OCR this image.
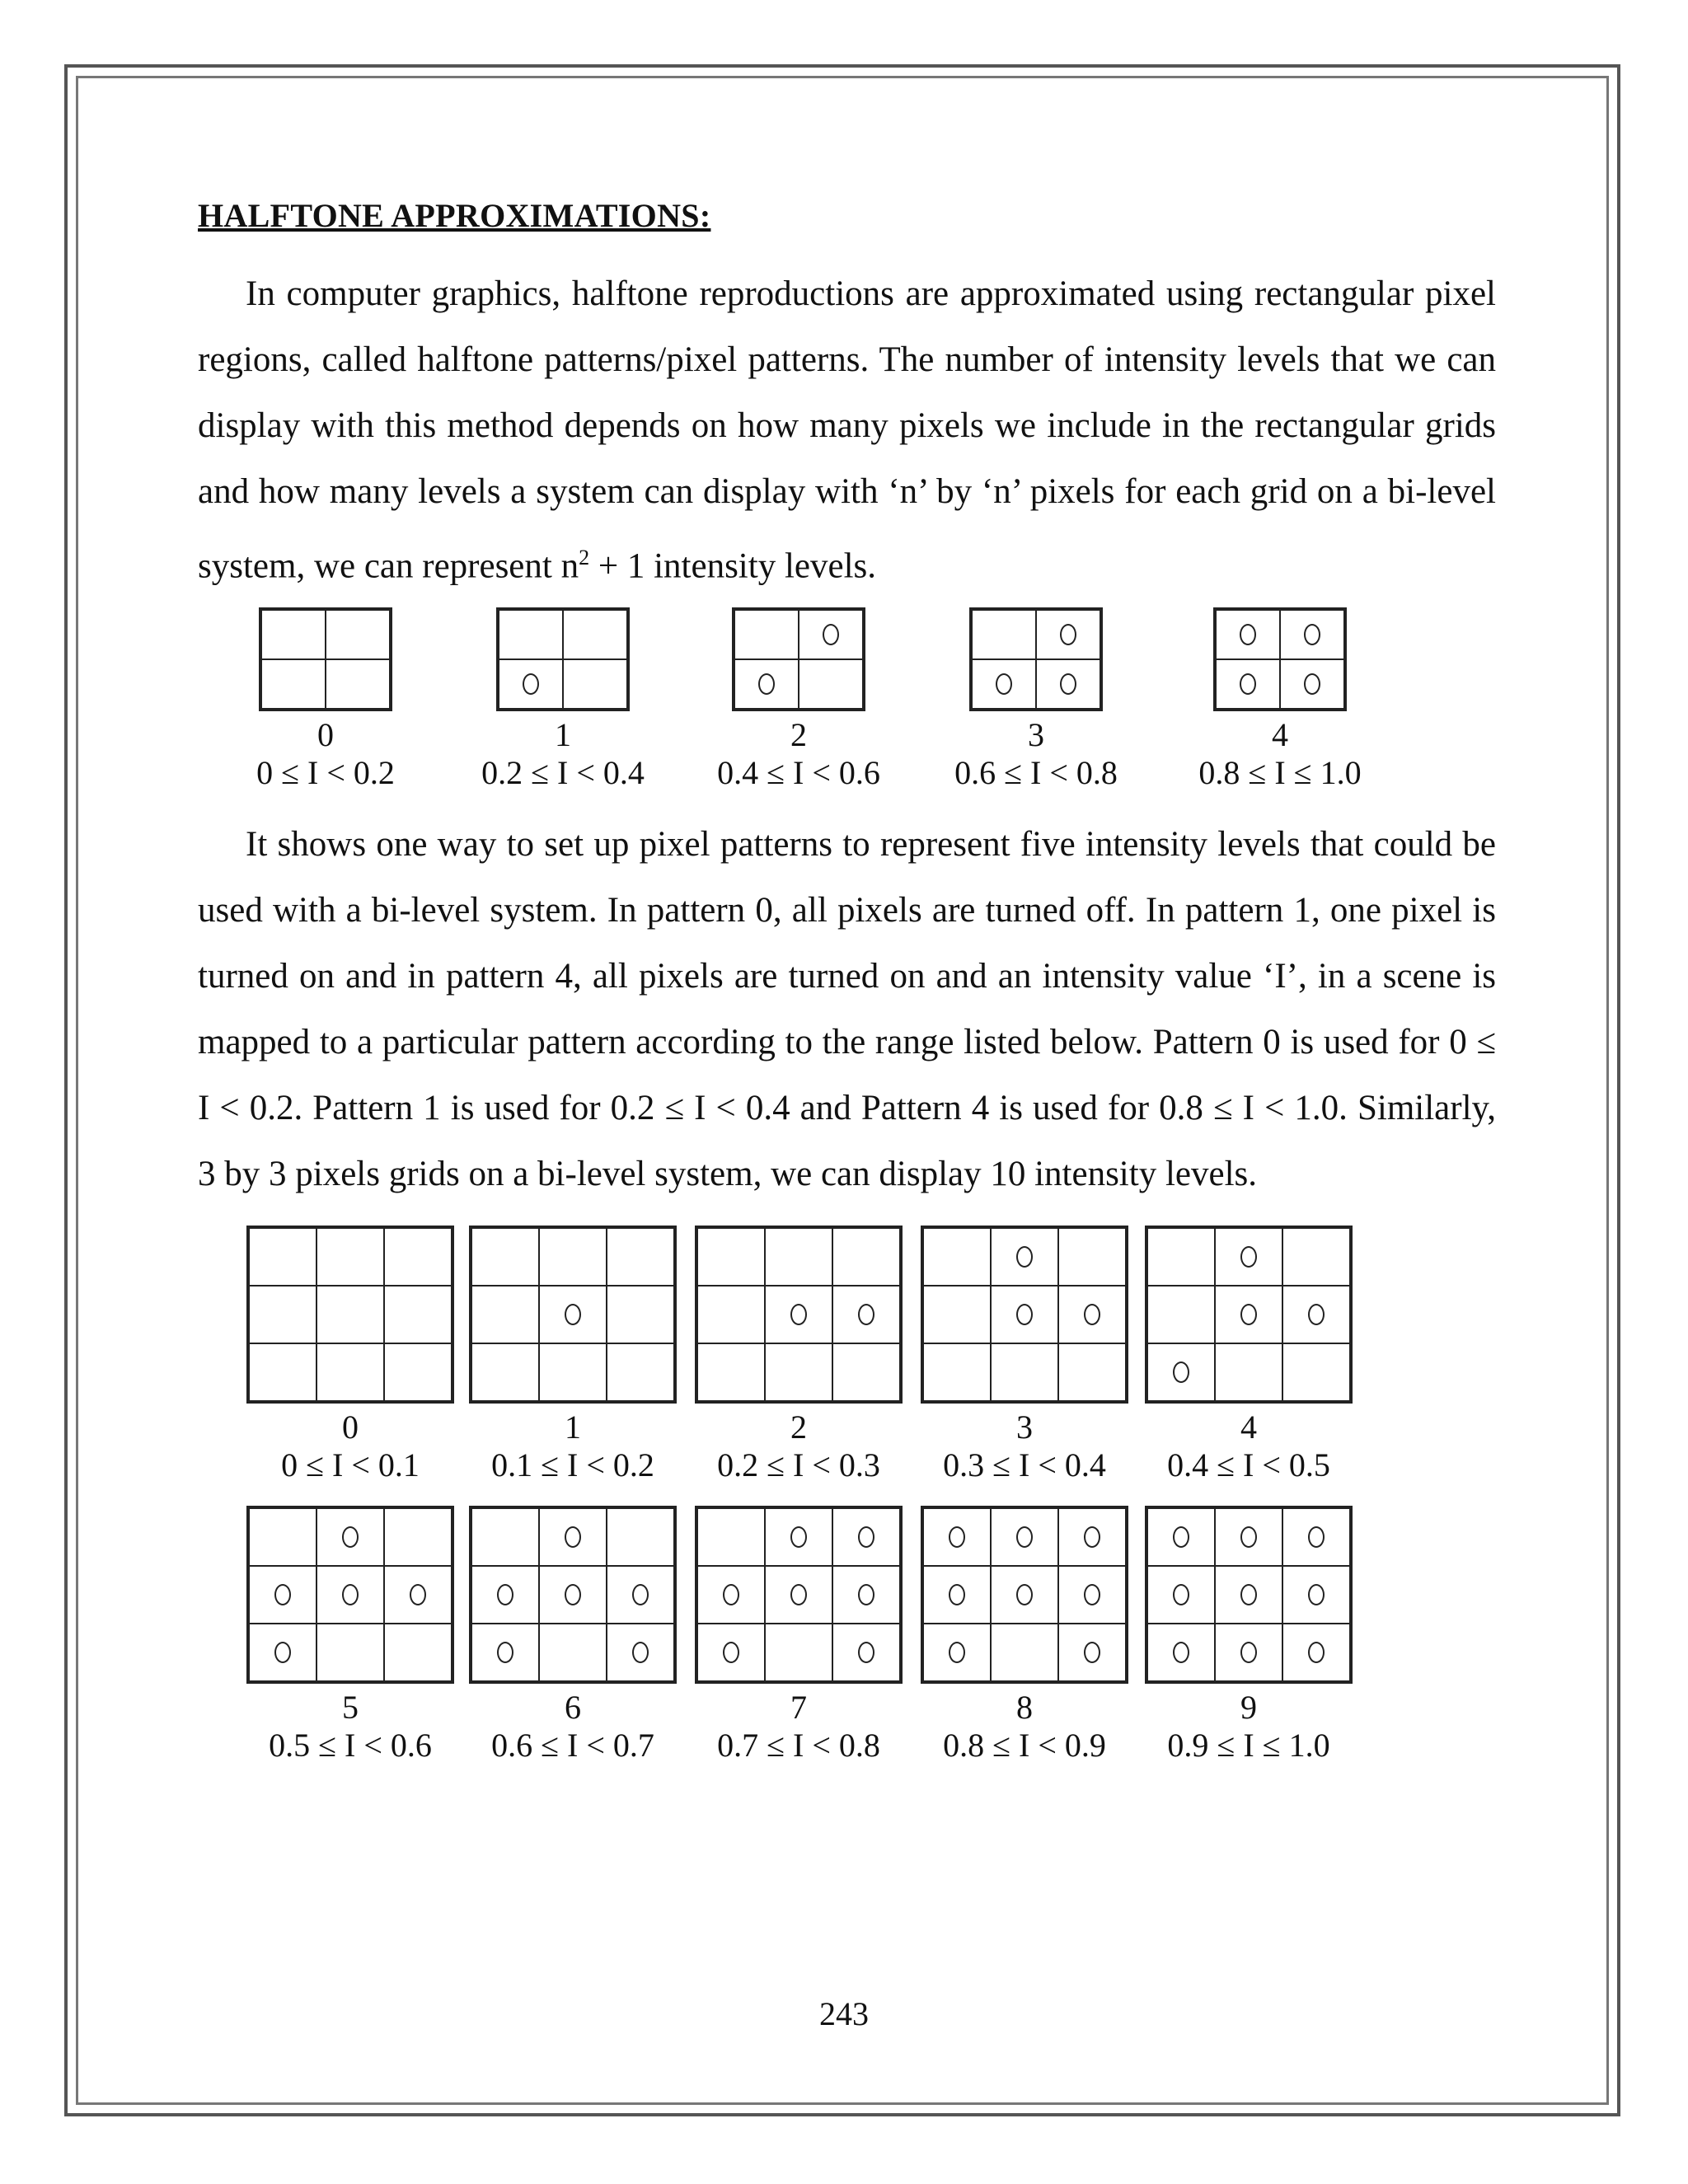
HALFTONE APPROXIMATIONS:

In computer graphics, halftone reproductions are approximated using rectangular pixel regions, called halftone patterns/pixel patterns. The number of intensity levels that we can display with this method depends on how many pixels we include in the rectangular grids and how many levels a system can display with ‘n’ by ‘n’ pixels for each grid on a bi-level system, we can represent $n^2 + 1$ intensity levels.

0
0 ≤ I < 0.2
1
0.2 ≤ I < 0.4
2
0.4 ≤ I < 0.6
3
0.6 ≤ I < 0.8
4
0.8 ≤ I ≤ 1.0

It shows one way to set up pixel patterns to represent five intensity levels that could be used with a bi-level system. In pattern 0, all pixels are turned off. In pattern 1, one pixel is turned on and in pattern 4, all pixels are turned on and an intensity value ‘I’, in a scene is mapped to a particular pattern according to the range listed below. Pattern 0 is used for 0 ≤ I < 0.2. Pattern 1 is used for 0.2 ≤ I < 0.4 and Pattern 4 is used for 0.8 ≤ I < 1.0. Similarly, 3 by 3 pixels grids on a bi-level system, we can display 10 intensity levels.

0
0 ≤ I < 0.1
1
0.1 ≤ I < 0.2
2
0.2 ≤ I < 0.3
3
0.3 ≤ I < 0.4
4
0.4 ≤ I < 0.5
5
0.5 ≤ I < 0.6
6
0.6 ≤ I < 0.7
7
0.7 ≤ I < 0.8
8
0.8 ≤ I < 0.9
9
0.9 ≤ I ≤ 1.0
243
